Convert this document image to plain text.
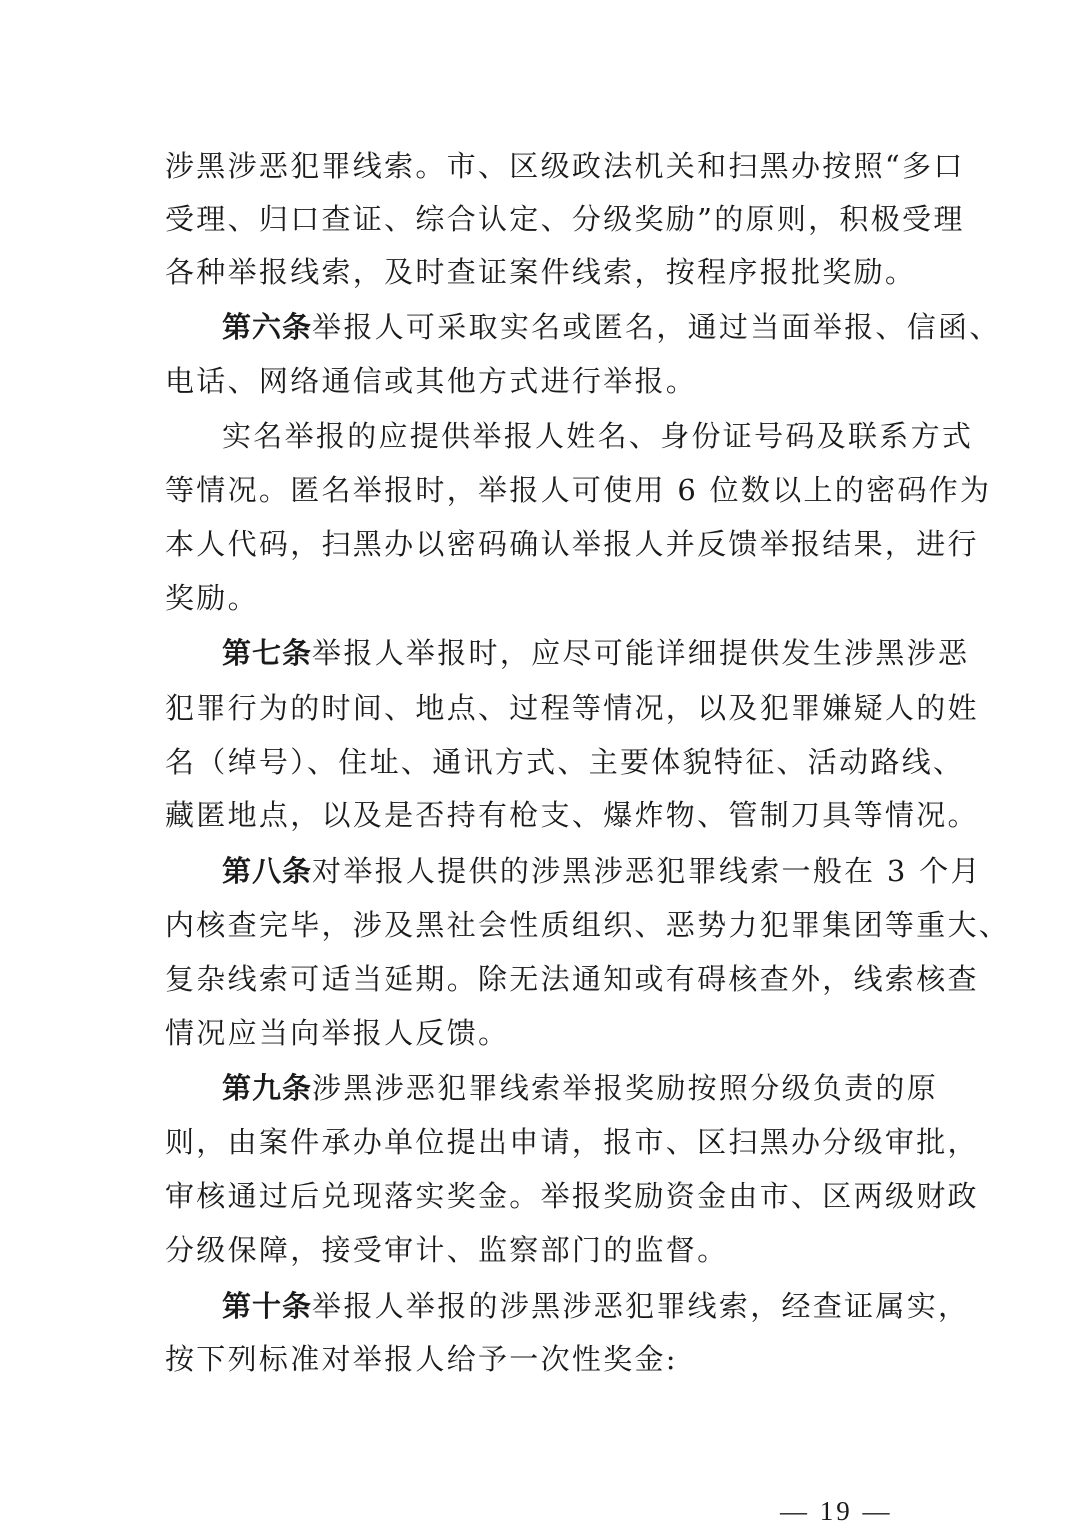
涉黑涉恶犯罪线索。市、区级政法机关和扫黑办按照“多口
受理、归口查证、综合认定、分级奖励”的原则，积极受理
各种举报线索，及时查证案件线索，按程序报批奖励。
第六条举报人可采取实名或匿名，通过当面举报、信函、
电话、网络通信或其他方式进行举报。
实名举报的应提供举报人姓名、身份证号码及联系方式
等情况。匿名举报时，举报人可使用 6 位数以上的密码作为
本人代码，扫黑办以密码确认举报人并反馈举报结果，进行
奖励。
第七条举报人举报时，应尽可能详细提供发生涉黑涉恶
犯罪行为的时间、地点、过程等情况，以及犯罪嫌疑人的姓
名（绰号）、住址、通讯方式、主要体貌特征、活动路线、
藏匿地点，以及是否持有枪支、爆炸物、管制刀具等情况。
第八条对举报人提供的涉黑涉恶犯罪线索一般在 3 个月
内核查完毕，涉及黑社会性质组织、恶势力犯罪集团等重大、
复杂线索可适当延期。除无法通知或有碍核查外，线索核查
情况应当向举报人反馈。
第九条涉黑涉恶犯罪线索举报奖励按照分级负责的原
则，由案件承办单位提出申请，报市、区扫黑办分级审批，
审核通过后兑现落实奖金。举报奖励资金由市、区两级财政
分级保障，接受审计、监察部门的监督。
第十条举报人举报的涉黑涉恶犯罪线索，经查证属实，
按下列标准对举报人给予一次性奖金:
— 19 —
